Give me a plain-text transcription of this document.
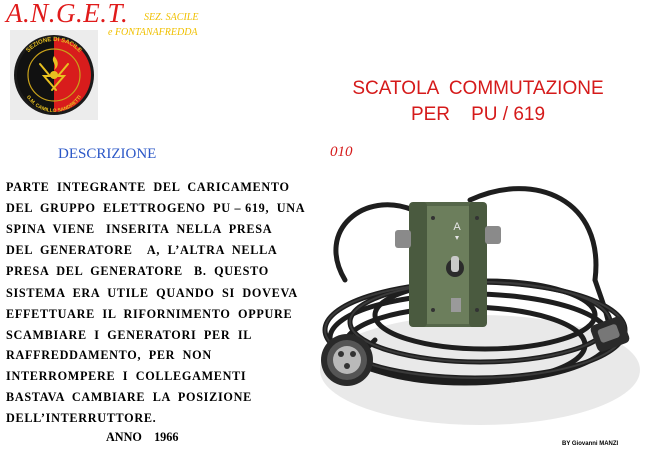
A.N.G.E.T. SEZ. SACILE
e FONTANAFREDDA
SEZIONE DI SACILE
G.M. CAMILLO SANDRETTI	SCATOLA  COMMUTAZIONE
PER    PU / 619
DESCRIZIONE	010
PARTE  INTEGRANTE  DEL  CARICAMENTO
DEL  GRUPPO  ELETTROGENO  PU – 619,  UNA
SPINA  VIENE   INSERITA  NELLA  PRESA
DEL  GENERATORE    A,  L’ALTRA  NELLA
PRESA  DEL  GENERATORE   B.  QUESTO
SISTEMA  ERA  UTILE  QUANDO  SI  DOVEVA
EFFETTUARE  IL  RIFORNIMENTO  OPPURE
SCAMBIARE  I  GENERATORI  PER  IL
RAFFREDDAMENTO,  PER  NON
INTERROMPERE  I  COLLEGAMENTI
BASTAVA  CAMBIARE  LA  POSIZIONE
DELL’INTERRUTTORE.
ANNO    1966
A
BY Giovanni MANZI
